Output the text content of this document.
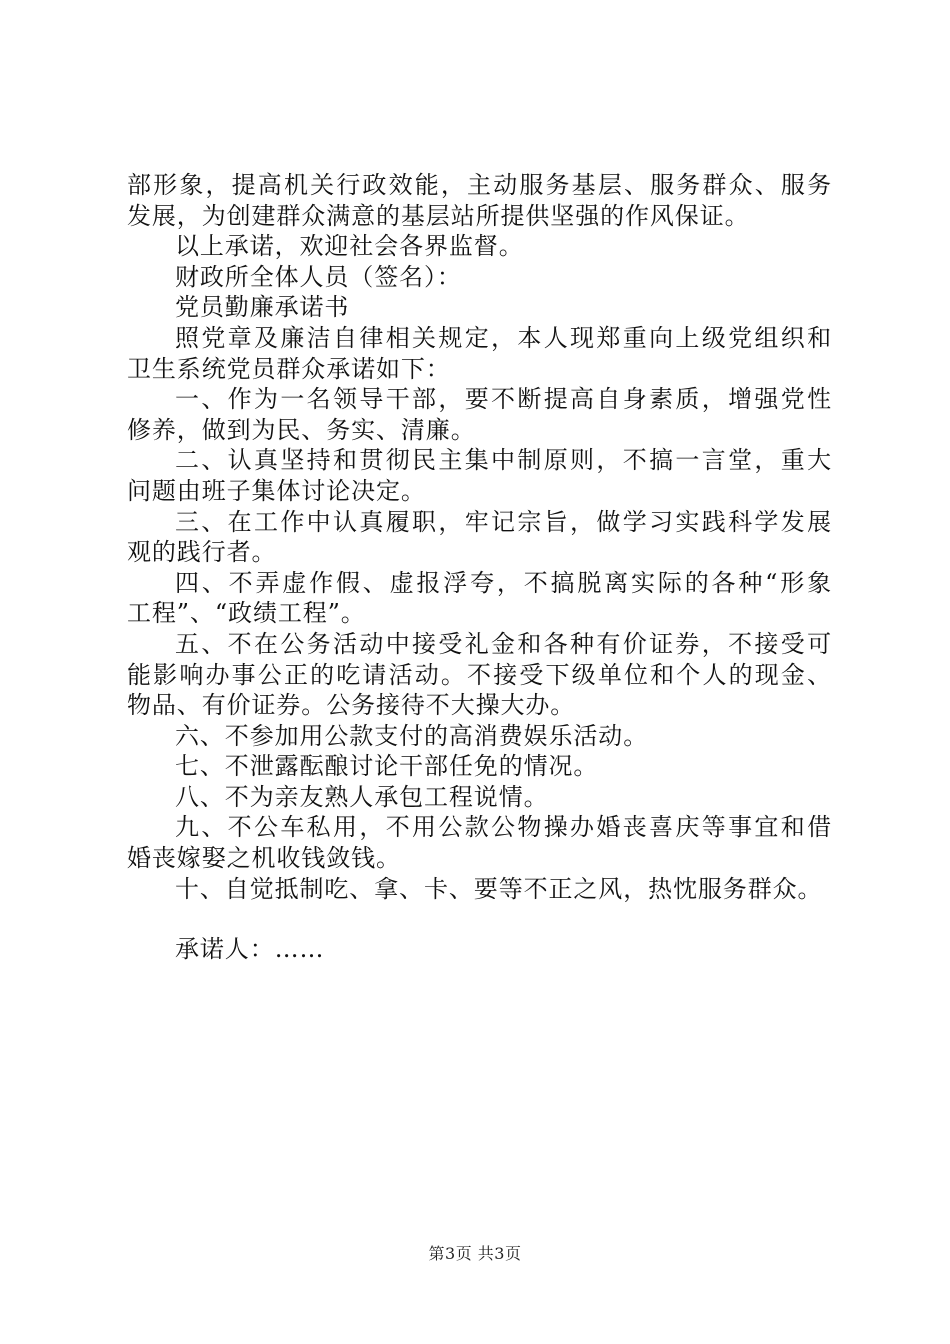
部形象，提高机关行政效能，主动服务基层、服务群众、服务
发展，为创建群众满意的基层站所提供坚强的作风保证。
以上承诺，欢迎社会各界监督。
财政所全体人员（签名）：
党员勤廉承诺书
照党章及廉洁自律相关规定，本人现郑重向上级党组织和
卫生系统党员群众承诺如下：
一、作为一名领导干部，要不断提高自身素质，增强党性
修养，做到为民、务实、清廉。
二、认真坚持和贯彻民主集中制原则，不搞一言堂，重大
问题由班子集体讨论决定。
三、在工作中认真履职，牢记宗旨，做学习实践科学发展
观的践行者。
四、不弄虚作假、虚报浮夸，不搞脱离实际的各种“形象
工程”、“政绩工程”。
五、不在公务活动中接受礼金和各种有价证券，不接受可
能影响办事公正的吃请活动。不接受下级单位和个人的现金、
物品、有价证券。公务接待不大操大办。
六、不参加用公款支付的高消费娱乐活动。
七、不泄露酝酿讨论干部任免的情况。
八、不为亲友熟人承包工程说情。
九、不公车私用，不用公款公物操办婚丧喜庆等事宜和借
婚丧嫁娶之机收钱敛钱。
十、自觉抵制吃、拿、卡、要等不正之风，热忱服务群众。
承诺人：……
第3页 共3页
